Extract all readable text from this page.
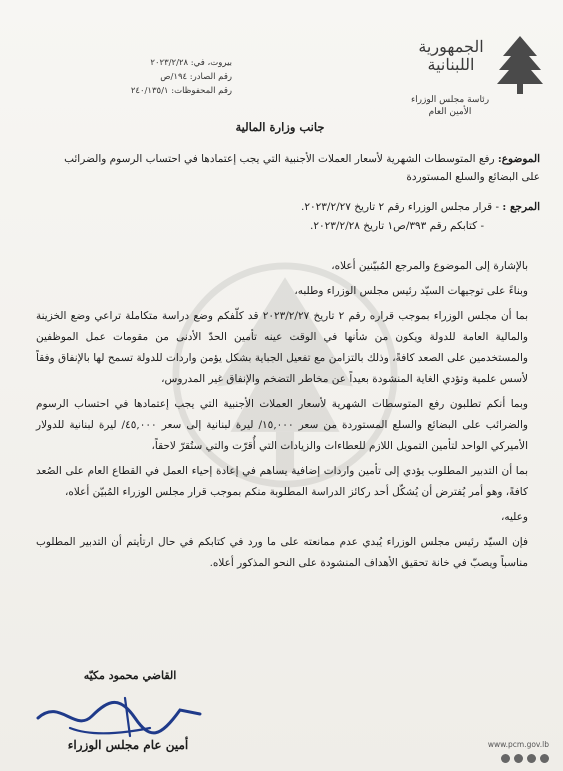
الجمهورية اللبنانية
رئاسة مجلس الوزراء
الأمين العام
بيروت، في: ٢٠٢٣/٢/٢٨
رقم الصادر: ١٩٤/ص
رقم المحفوظات: ٢٤٠/١٣٥/١
جانب وزارة المالية
الموضوع: رفع المتوسطات الشهرية لأسعار العملات الأجنبية التي يجب إعتمادها في احتساب الرسوم والضرائب على البضائع والسلع المستوردة
المرجع : - قرار مجلس الوزراء رقم ٢ تاريخ ٢٠٢٣/٢/٢٧.
- كتابكم رقم ٣٩٣/ص١ تاريخ ٢٠٢٣/٢/٢٨.

بالإشارة إلى الموضوع والمرجع المُبيّنين أعلاه،

وبناءً على توجيهات السيّد رئيس مجلس الوزراء وطلبه،

بما أن مجلس الوزراء بموجب قراره رقم ٢ تاريخ ٢٠٢٣/٢/٢٧ قد كلّفكم وضع دراسة متكاملة تراعي وضع الخزينة والمالية العامة للدولة ويكون من شأنها في الوقت عينه تأمين الحدّ الأدنى من مقومات عمل الموظفين والمستخدمين على الصعد كافةً، وذلك بالتزامن مع تفعيل الجباية بشكل يؤمن واردات للدولة تسمح لها بالإنفاق وفقاً لأسس علمية وتؤدي الغاية المنشودة بعيداً عن مخاطر التضخم والإنفاق غير المدروس،

وبما أنكم تطلبون رفع المتوسطات الشهرية لأسعار العملات الأجنبية التي يجب إعتمادها في احتساب الرسوم والضرائب على البضائع والسلع المستوردة من سعر ١٥,٠٠٠/ ليرة لبنانية إلى سعر ٤٥,٠٠٠/ ليرة لبنانية للدولار الأميركي الواحد لتأمين التمويل اللازم للعطاءات والزيادات التي أُقرّت والتي ستُقرّ لاحقاً،

بما أن التدبير المطلوب يؤدي إلى تأمين واردات إضافية يساهم في إعادة إحياء العمل في القطاع العام على الصُعد كافةً، وهو أمر يُفترض أن يُشكّل أحد ركائز الدراسة المطلوبة منكم بموجب قرار مجلس الوزراء المُبيّن أعلاه،

وعليه،

فإن السيّد رئيس مجلس الوزراء يُبدي عدم ممانعته على ما ورد في كتابكم في حال ارتأيتم أن التدبير المطلوب مناسباً ويصبّ في خانة تحقيق الأهداف المنشودة على النحو المذكور أعلاه.

القاضي محمود مكيّه
أمين عام مجلس الوزراء	www.pcm.gov.lb
